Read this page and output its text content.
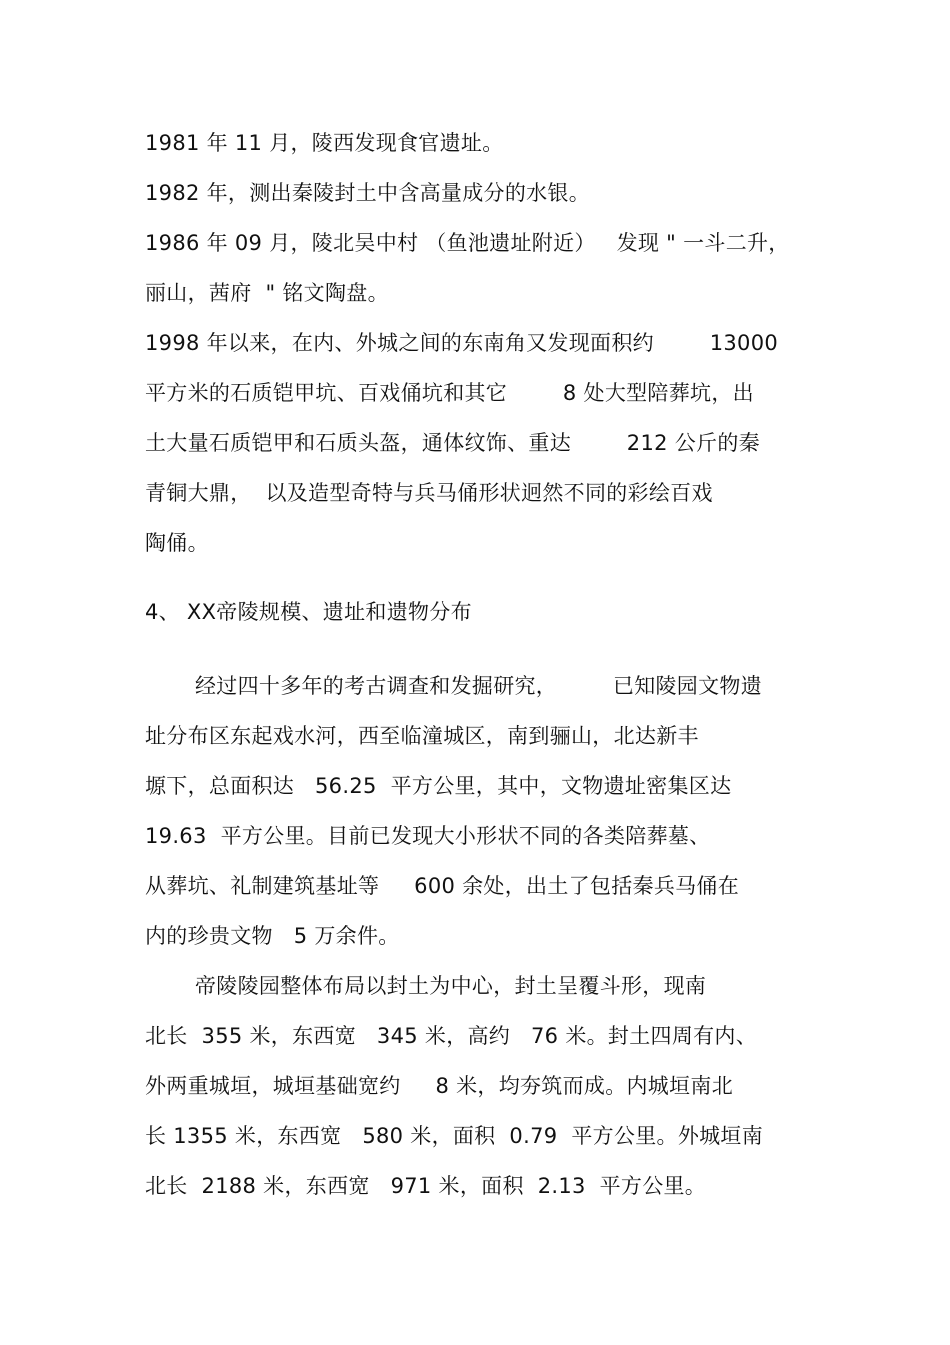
1981 年 11 月，陵西发现食官遗址。
1982 年，测出秦陵封土中含高量成分的水银。
1986 年 09 月，陵北吴中村 （鱼池遗址附近）   发现 " 一斗二升，
丽山，茜府  " 铭文陶盘。
1998 年以来，在内、外城之间的东南角又发现面积约        13000
平方米的石质铠甲坑、百戏俑坑和其它        8 处大型陪葬坑，出
土大量石质铠甲和石质头盔，通体纹饰、重达        212 公斤的秦
青铜大鼎，  以及造型奇特与兵马俑形状迥然不同的彩绘百戏
陶俑。
4、 XX帝陵规模、遗址和遗物分布
经过四十多年的考古调查和发掘研究，        已知陵园文物遗
址分布区东起戏水河，西至临潼城区，南到骊山，北达新丰
塬下，总面积达   56.25  平方公里，其中，文物遗址密集区达
19.63  平方公里。目前已发现大小形状不同的各类陪葬墓、
从葬坑、礼制建筑基址等     600 余处，出土了包括秦兵马俑在
内的珍贵文物   5 万余件。
帝陵陵园整体布局以封土为中心，封土呈覆斗形，现南
北长  355 米，东西宽   345 米，高约   76 米。封土四周有内、
外两重城垣，城垣基础宽约     8 米，均夯筑而成。内城垣南北
长 1355 米，东西宽   580 米，面积  0.79  平方公里。外城垣南
北长  2188 米，东西宽   971 米，面积  2.13  平方公里。
